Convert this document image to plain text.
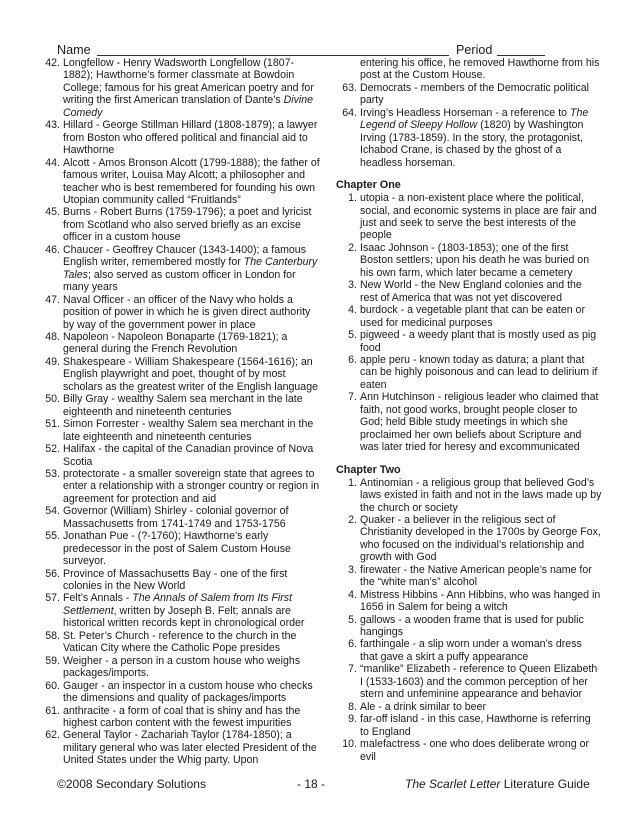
Name	Period
42. Longfellow - Henry Wadsworth Longfellow (1807-1882); Hawthorne’s former classmate at Bowdoin College; famous for his great American poetry and for writing the first American translation of Dante’s Divine Comedy
43. Hillard - George Stillman Hillard (1808-1879); a lawyer from Boston who offered political and financial aid to Hawthorne
44. Alcott - Amos Bronson Alcott (1799-1888); the father of famous writer, Louisa May Alcott; a philosopher and teacher who is best remembered for founding his own Utopian community called “Fruitlands”
45. Burns - Robert Burns (1759-1796); a poet and lyricist from Scotland who also served briefly as an excise officer in a custom house
46. Chaucer - Geoffrey Chaucer (1343-1400); a famous English writer, remembered mostly for The Canterbury Tales; also served as custom officer in London for many years
47. Naval Officer - an officer of the Navy who holds a position of power in which he is given direct authority by way of the government power in place
48. Napoleon - Napoleon Bonaparte (1769-1821); a general during the French Revolution
49. Shakespeare - William Shakespeare (1564-1616); an English playwright and poet, thought of by most scholars as the greatest writer of the English language
50. Billy Gray - wealthy Salem sea merchant in the late eighteenth and nineteenth centuries
51. Simon Forrester - wealthy Salem sea merchant in the late eighteenth and nineteenth centuries
52. Halifax - the capital of the Canadian province of Nova Scotia
53. protectorate - a smaller sovereign state that agrees to enter a relationship with a stronger country or region in agreement for protection and aid
54. Governor (William) Shirley - colonial governor of Massachusetts from 1741-1749 and 1753-1756
55. Jonathan Pue - (?-1760); Hawthorne’s early predecessor in the post of Salem Custom House surveyor.
56. Province of Massachusetts Bay - one of the first colonies in the New World
57. Felt’s Annals - The Annals of Salem from Its First Settlement, written by Joseph B. Felt; annals are historical written records kept in chronological order
58. St. Peter’s Church - reference to the church in the Vatican City where the Catholic Pope presides
59. Weigher - a person in a custom house who weighs packages/imports.
60. Gauger - an inspector in a custom house who checks the dimensions and quality of packages/imports
61. anthracite - a form of coal that is shiny and has the highest carbon content with the fewest impurities
62. General Taylor - Zachariah Taylor (1784-1850); a military general who was later elected President of the United States under the Whig party. Upon
entering his office, he removed Hawthorne from his post at the Custom House.
63. Democrats - members of the Democratic political party
64. Irving’s Headless Horseman - a reference to The Legend of Sleepy Hollow (1820) by Washington Irving (1783-1859). In the story, the protagonist, Ichabod Crane, is chased by the ghost of a headless horseman.
Chapter One
1. utopia - a non-existent place where the political, social, and economic systems in place are fair and just and seek to serve the best interests of the people
2. Isaac Johnson - (1803-1853); one of the first Boston settlers; upon his death he was buried on his own farm, which later became a cemetery
3. New World - the New England colonies and the rest of America that was not yet discovered
4. burdock - a vegetable plant that can be eaten or used for medicinal purposes
5. pigweed - a weedy plant that is mostly used as pig food
6. apple peru - known today as datura; a plant that can be highly poisonous and can lead to delirium if eaten
7. Ann Hutchinson - religious leader who claimed that faith, not good works, brought people closer to God; held Bible study meetings in which she proclaimed her own beliefs about Scripture and was later tried for heresy and excommunicated
Chapter Two
1. Antinomian - a religious group that believed God’s laws existed in faith and not in the laws made up by the church or society
2. Quaker - a believer in the religious sect of Christianity developed in the 1700s by George Fox, who focused on the individual’s relationship and growth with God
3. firewater - the Native American people’s name for the “white man’s” alcohol
4. Mistress Hibbins - Ann Hibbins, who was hanged in 1656 in Salem for being a witch
5. gallows - a wooden frame that is used for public hangings
6. farthingale - a slip worn under a woman’s dress that gave a skirt a puffy appearance
7. “manlike” Elizabeth - reference to Queen Elizabeth I (1533-1603) and the common perception of her stern and unfeminine appearance and behavior
8. Ale - a drink similar to beer
9. far-off island - in this case, Hawthorne is referring to England
10. malefactress - one who does deliberate wrong or evil
©2008 Secondary Solutions	- 18 -	The Scarlet Letter Literature Guide
